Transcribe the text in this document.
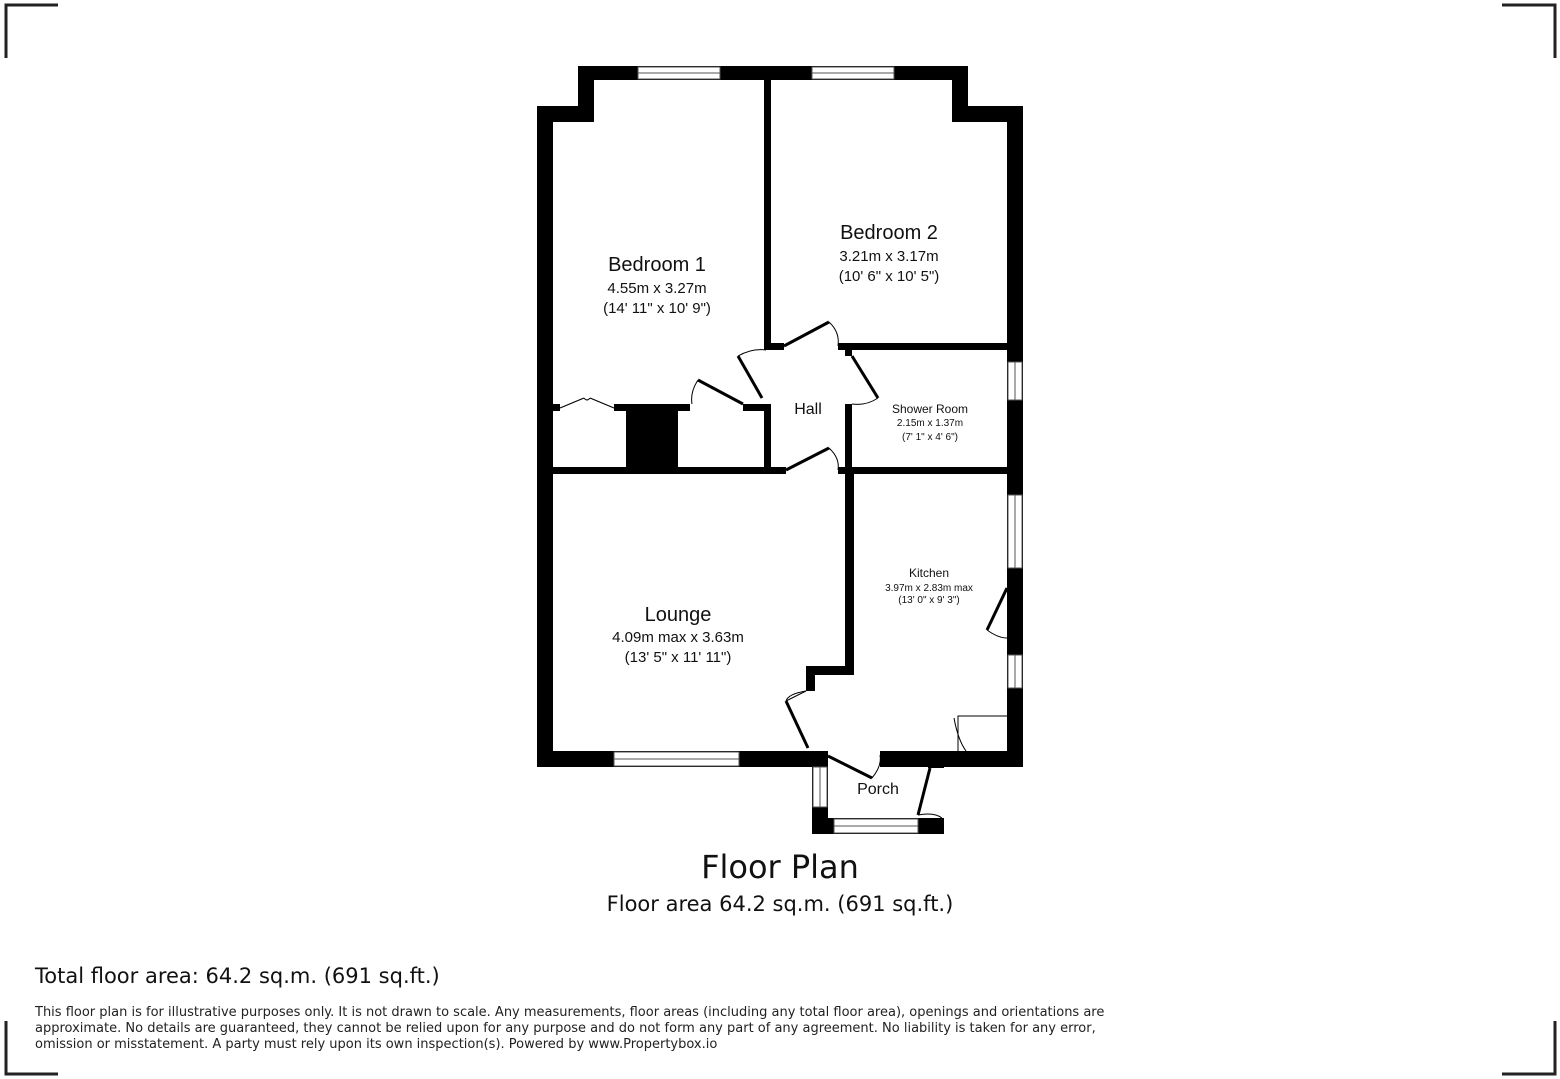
Bedroom 1
4.55m x 3.27m
(14' 11" x 10' 9")
Bedroom 2
3.21m x 3.17m
(10' 6" x 10' 5")
Hall	Shower Room
2.15m x 1.37m
(7' 1" x 4' 6")
Kitchen
3.97m x 2.83m max
(13' 0" x 9' 3")
Lounge
4.09m max x 3.63m
(13' 5" x 11' 11")
Porch
Floor Plan
Floor area 64.2 sq.m. (691 sq.ft.)
Total floor area: 64.2 sq.m. (691 sq.ft.)
This floor plan is for illustrative purposes only. It is not drawn to scale. Any measurements, floor areas (including any total floor area), openings and orientations are approximate. No details are guaranteed, they cannot be relied upon for any purpose and do not form any part of any agreement. No liability is taken for any error, omission or misstatement. A party must rely upon its own inspection(s). Powered by www.Propertybox.io
